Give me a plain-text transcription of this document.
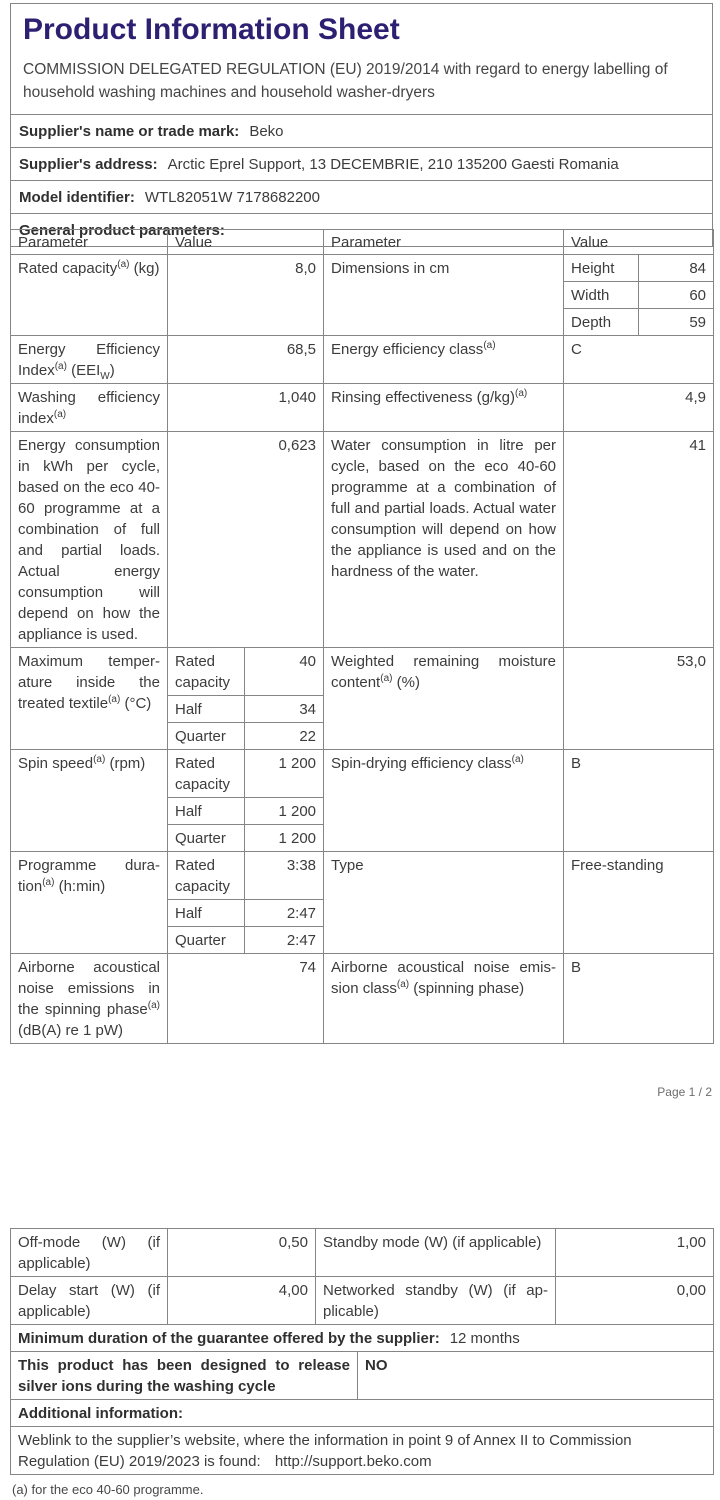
Product Information Sheet

COMMISSION DELEGATED REGULATION (EU) 2019/2014 with regard to energy labelling of household washing machines and household washer-dryers

Supplier's name or trade mark: Beko
Supplier's address: Arctic Eprel Support, 13 DECEMBRIE, 210 135200 Gaesti Romania
Model identifier: WTL82051W 7178682200
General product parameters:
Parameter	Value		Parameter	Value	
Rated capacity$^{(a)}$ (kg)	8,0		Dimensions in cm	Height	84
				Width	60
				Depth	59
Energy Efficiency Index$^{(a)}$ $(EEI_W)$	68,5		Energy efficiency class$^{(a)}$	C	
Washing efficiency index$^{(a)}$	1,040		Rinsing effectiveness $(g/kg)^{(a)}$	4,9	
Energy consumption in kWh per cycle, based on the eco 40-60 programme at a combination of full and partial loads. Actual energy consumption will depend on how the appliance is used.	0,623		Water consumption in litre per cycle, based on the eco 40-60 programme at a combination of full and partial loads. Actual water consumption will depend on how the appliance is used and on the hardness of the water.	41	
Maximum temperature inside the treated textile$^{(a)}$ (°C)	Rated capacity	40	Weighted remaining moisture content$^{(a)}$ (%)	53,0	
	Half	34			
	Quarter	22			
Spin speed$^{(a)}$ (rpm)	Rated capacity	1 200	Spin-drying efficiency class$^{(a)}$	B	
	Half	1 200			
	Quarter	1 200			
Programme duration$^{(a)}$ (h:min)	Rated capacity	3:38	Type	Free-standing	
	Half	2:47			
	Quarter	2:47			
Airborne acoustical noise emissions in the spinning phase$^{(a)}$ (dB(A) re 1 pW)	74		Airborne acoustical noise emission class$^{(a)}$ (spinning phase)	B	
Page 1 / 2
Off-mode (W) (if applicable)	0,50	Standby mode (W) (if applicable)		1,00
Delay start (W) (if applicable)	4,00	Networked standby (W) (if applicable)		0,00
Minimum duration of the guarantee offered by the supplier: 12 months				
This product has been designed to release silver ions during the washing cycle			NO	
Additional information:				
Weblink to the supplier’s website, where the information in point 9 of Annex II to Commission Regulation (EU) 2019/2023 is found: http://support.beko.com				
(a) for the eco 40-60 programme.
